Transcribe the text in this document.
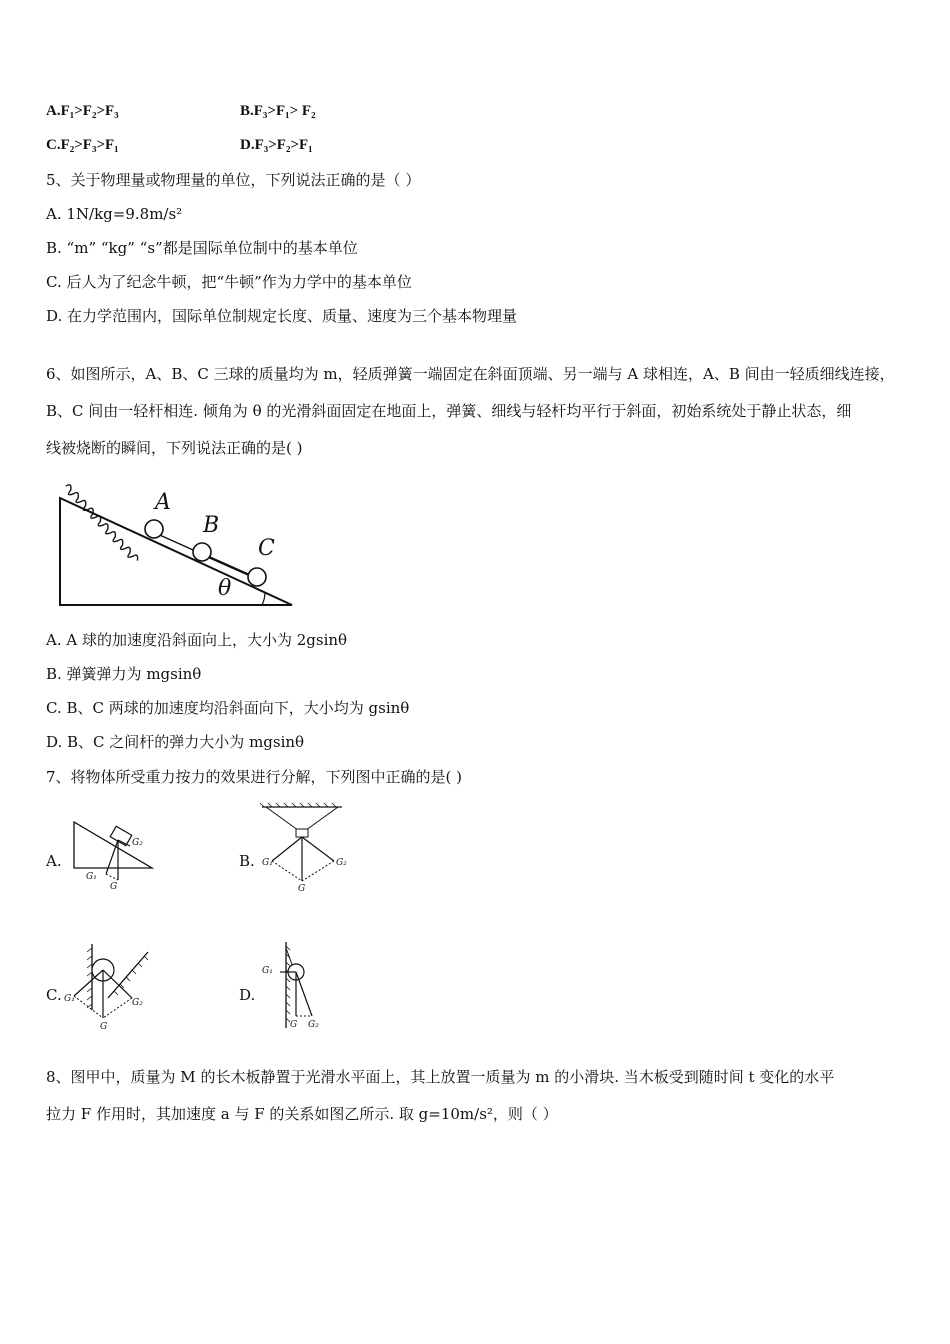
A.F₁>F₂>F₃	B.F₃>F₁> F₂
C.F₂>F₃>F₁	D.F₃>F₂>F₁
5、关于物理量或物理量的单位，下列说法正确的是（ ）
A. 1N/kg=9.8m/s²
B. “m” “kg” “s”都是国际单位制中的基本单位
C. 后人为了纪念牛顿，把“牛顿”作为力学中的基本单位
D. 在力学范围内，国际单位制规定长度、质量、速度为三个基本物理量
6、如图所示，A、B、C 三球的质量均为 m，轻质弹簧一端固定在斜面顶端、另一端与 A 球相连，A、B 间由一轻质细线连接，
B、C 间由一轻杆相连. 倾角为 θ 的光滑斜面固定在地面上，弹簧、细线与轻杆均平行于斜面，初始系统处于静止状态，细
线被烧断的瞬间，下列说法正确的是( )
A
B
C
θ
A. A 球的加速度沿斜面向上，大小为 2gsinθ
B. 弹簧弹力为 mgsinθ
C. B、C 两球的加速度均沿斜面向下，大小均为 gsinθ
D. B、C 之间杆的弹力大小为 mgsinθ
7、将物体所受重力按力的效果进行分解，下列图中正确的是( )
A.
G₂
G₁
G
B. G₁	G₂
G
C. G₁	G₂
G
D.
G₁
G G₂
8、图甲中，质量为 M 的长木板静置于光滑水平面上，其上放置一质量为 m 的小滑块. 当木板受到随时间 t 变化的水平
拉力 F 作用时，其加速度 a 与 F 的关系如图乙所示. 取 g=10m/s²，则（ ）
